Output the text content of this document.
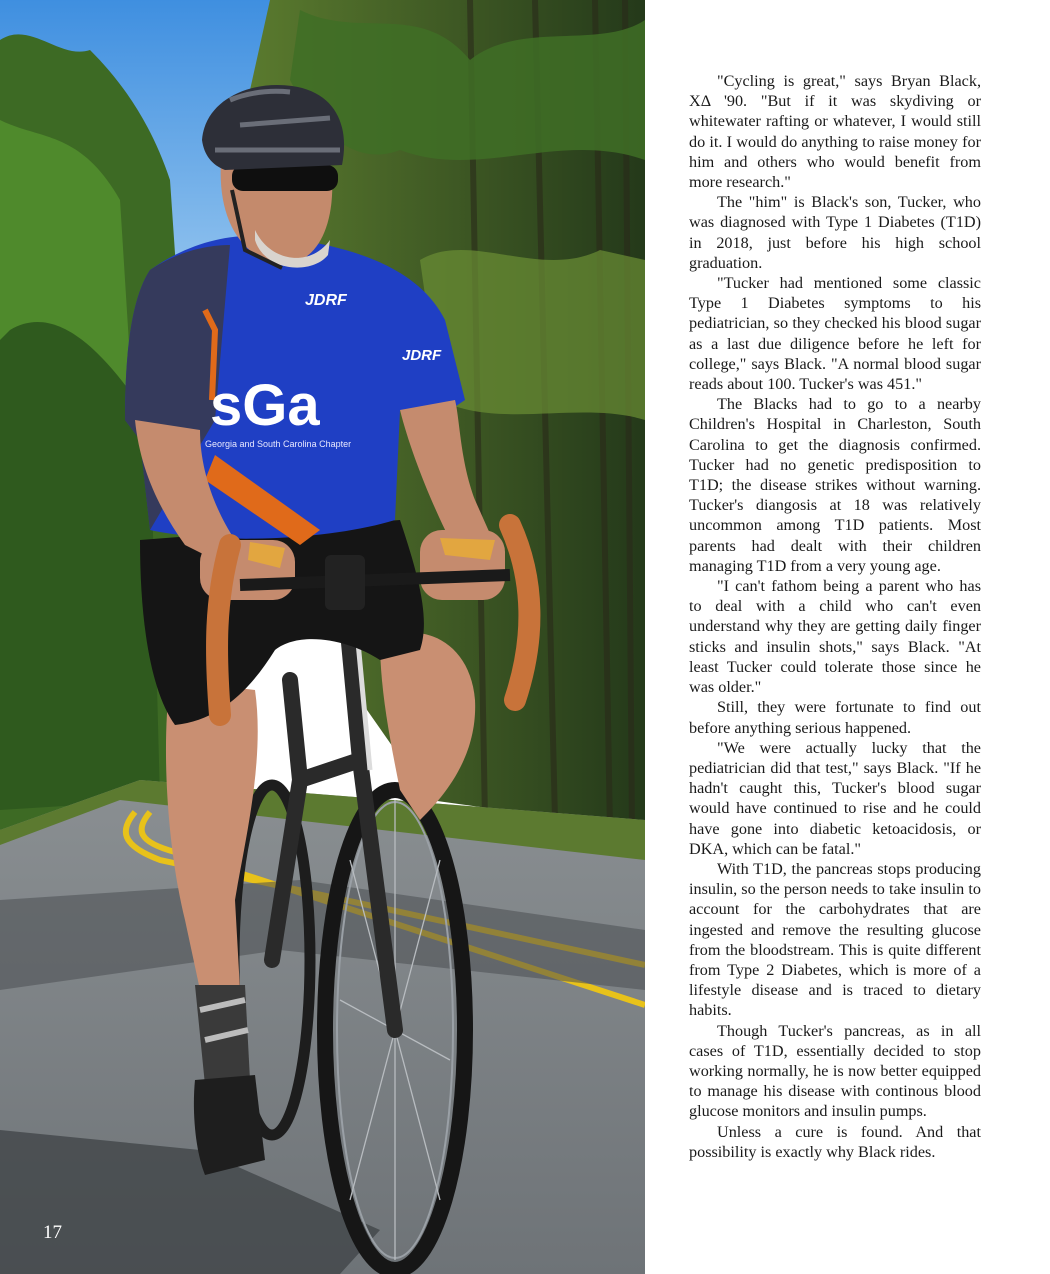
sGa
Georgia and South Carolina Chapter
JDRF
JDRF
17

"Cycling is great," says Bryan Black, ΧΔ '90. "But if it was skydiving or whitewater rafting or whatever, I would still do it. I would do anything to raise money for him and others who would benefit from more research."

The "him" is Black's son, Tucker, who was diagnosed with Type 1 Diabetes (T1D) in 2018, just before his high school graduation.

"Tucker had mentioned some classic Type 1 Diabetes symptoms to his pediatrician, so they checked his blood sugar as a last due diligence before he left for college," says Black. "A normal blood sugar reads about 100. Tucker's was 451."

The Blacks had to go to a nearby Children's Hospital in Charleston, South Carolina to get the diagnosis confirmed. Tucker had no genetic predisposition to T1D; the disease strikes without warning. Tucker's diangosis at 18 was relatively uncommon among T1D patients. Most parents had dealt with their children managing T1D from a very young age.

"I can't fathom being a parent who has to deal with a child who can't even understand why they are getting daily finger sticks and insulin shots," says Black. "At least Tucker could tolerate those since he was older."

Still, they were fortunate to find out before anything serious happened.

"We were actually lucky that the pediatrician did that test," says Black. "If he hadn't caught this, Tucker's blood sugar would have continued to rise and he could have gone into diabetic ketoacidosis, or DKA, which can be fatal."

With T1D, the pancreas stops producing insulin, so the person needs to take insulin to account for the carbohydrates that are ingested and remove the resulting glucose from the bloodstream. This is quite different from Type 2 Diabetes, which is more of a lifestyle disease and is traced to dietary habits.

Though Tucker's pancreas, as in all cases of T1D, essentially decided to stop working normally, he is now better equipped to manage his disease with continous blood glucose monitors and insulin pumps.

Unless a cure is found. And that possibility is exactly why Black rides.
